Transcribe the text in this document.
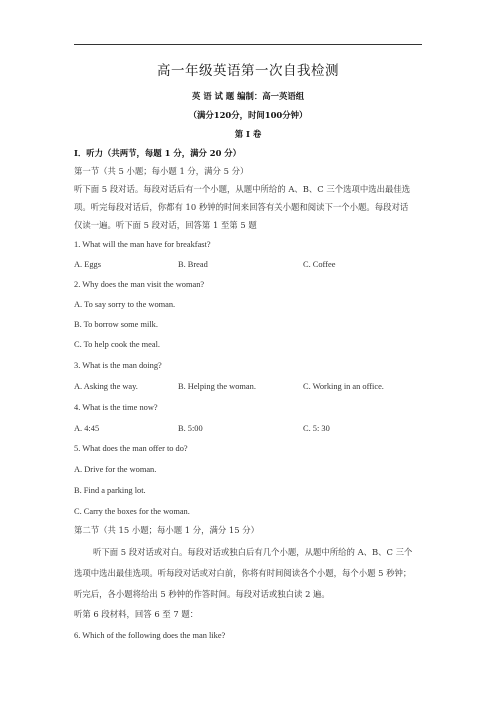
高一年级英语第一次自我检测
英 语 试 题 编制：高一英语组
（满分120分，时间100分钟）
第 I 卷
I．听力（共两节，每题 1 分，满分 20 分）
第一节（共 5 小题；每小题 1 分，满分 5 分）
听下面 5 段对话。每段对话后有一个小题，从题中所给的 A、B、C 三个选项中选出最佳选
项。听完每段对话后，你都有 10 秒钟的时间来回答有关小题和阅读下一个小题。每段对话
仅读一遍。听下面 5 段对话，回答第 1 至第 5 题
1. What will the man have for breakfast?
A. Eggs	B. Bread	C. Coffee
2. Why does the man visit the woman?
A. To say sorry to the woman.
B. To borrow some milk.
C. To help cook the meal.
3. What is the man doing?
A. Asking the way.	B. Helping the woman.	C. Working in an office.
4. What is the time now?
A. 4:45	B. 5:00	C. 5: 30
5. What does the man offer to do?
A. Drive for the woman.
B. Find a parking lot.
C. Carry the boxes for the woman.
第二节（共 15 小题；每小题 1 分，满分 15 分）
听下面 5 段对话或对白。每段对话或独白后有几个小题，从题中所给的 A、B、C 三个
选项中选出最佳选项。听每段对话或对白前，你将有时间阅读各个小题，每个小题 5 秒钟；
听完后，各小题将给出 5 秒钟的作答时间。每段对话或独白读 2 遍。
听第 6 段材料，回答 6 至 7 题：
6. Which of the following does the man like?
